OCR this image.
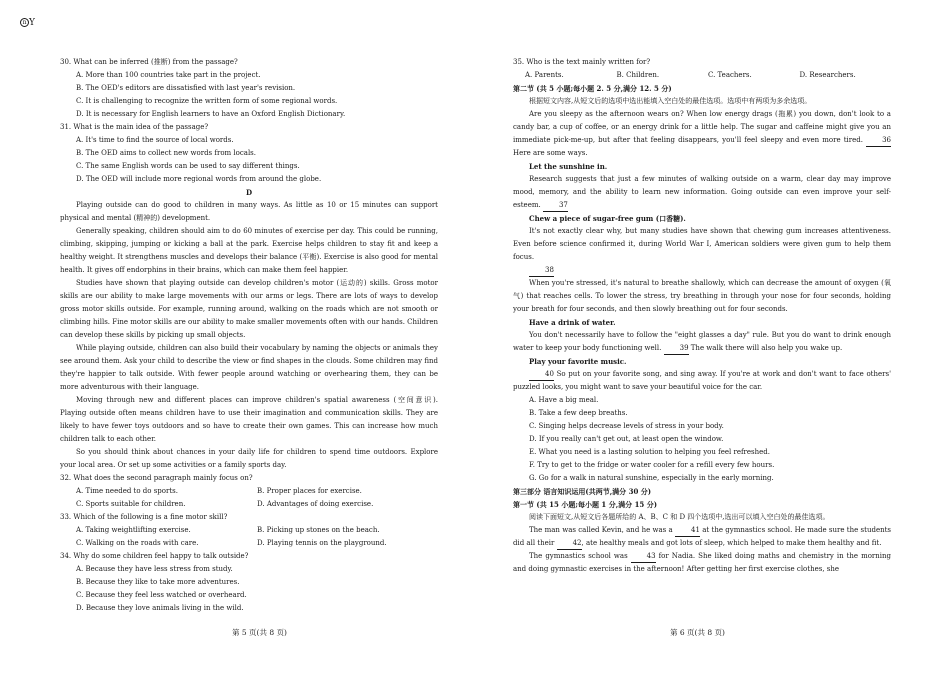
n Y
30. What can be inferred (推断) from the passage?
A. More than 100 countries take part in the project.
B. The OED's editors are dissatisfied with last year's revision.
C. It is challenging to recognize the written form of some regional words.
D. It is necessary for English learners to have an Oxford English Dictionary.
31. What is the main idea of the passage?
A. It's time to find the source of local words.
B. The OED aims to collect new words from locals.
C. The same English words can be used to say different things.
D. The OED will include more regional words from around the globe.
D
Playing outside can do good to children in many ways. As little as 10 or 15 minutes can support physical and mental (精神的) development.
Generally speaking, children should aim to do 60 minutes of exercise per day. This could be running, climbing, skipping, jumping or kicking a ball at the park. Exercise helps children to stay fit and keep a healthy weight. It strengthens muscles and develops their balance (平衡). Exercise is also good for mental health. It gives off endorphins in their brains, which can make them feel happier.
Studies have shown that playing outside can develop children's motor (运动的) skills. Gross motor skills are our ability to make large movements with our arms or legs. There are lots of ways to develop gross motor skills outside. For example, running around, walking on the roads which are not smooth or climbing hills. Fine motor skills are our ability to make smaller movements often with our hands. Children can develop these skills by picking up small objects.
While playing outside, children can also build their vocabulary by naming the objects or animals they see around them. Ask your child to describe the view or find shapes in the clouds. Some children may find they're happier to talk outside. With fewer people around watching or overhearing them, they can be more adventurous with their language.
Moving through new and different places can improve children's spatial awareness (空间意识). Playing outside often means children have to use their imagination and communication skills. They are likely to have fewer toys outdoors and so have to create their own games. This can increase how much children talk to each other.
So you should think about chances in your daily life for children to spend time outdoors. Explore your local area. Or set up some activities or a family sports day.
32. What does the second paragraph mainly focus on?
A. Time needed to do sports.	B. Proper places for exercise.
C. Sports suitable for children.	D. Advantages of doing exercise.
33. Which of the following is a fine motor skill?
A. Taking weightlifting exercise.	B. Picking up stones on the beach.
C. Walking on the roads with care.	D. Playing tennis on the playground.
34. Why do some children feel happy to talk outside?
A. Because they have less stress from study.
B. Because they like to take more adventures.
C. Because they feel less watched or overheard.
D. Because they love animals living in the wild.
35. Who is the text mainly written for?
A. Parents.	B. Children.	C. Teachers.	D. Researchers.
第二节 (共 5 小题;每小题 2. 5 分,满分 12. 5 分)
根据短文内容,从短文后的选项中选出能填入空白处的最佳选项。选项中有两项为多余选项。
Are you sleepy as the afternoon wears on? When low energy drags (拖累) you down, don't look to a candy bar, a cup of coffee, or an energy drink for a little help. The sugar and caffeine might give you an immediate pick-me-up, but after that feeling disappears, you'll feel sleepy and even more tired.	36 Here are some ways.
Let the sunshine in.
Research suggests that just a few minutes of walking outside on a warm, clear day may improve mood, memory, and the ability to learn new information. Going outside can even improve your self-esteem.	37
Chew a piece of sugar-free gum (口香糖).
It's not exactly clear why, but many studies have shown that chewing gum increases attentiveness. Even before science confirmed it, during World War I, American soldiers were given gum to help them focus.
38
When you're stressed, it's natural to breathe shallowly, which can decrease the amount of oxygen (氧气) that reaches cells. To lower the stress, try breathing in through your nose for four seconds, holding your breath for four seconds, and then slowly breathing out for four seconds.
Have a drink of water.
You don't necessarily have to follow the "eight glasses a day" rule. But you do want to drink enough water to keep your body functioning well.	39 The walk there will also help you wake up.
Play your favorite music.
40 So put on your favorite song, and sing away. If you're at work and don't want to face others' puzzled looks, you might want to save your beautiful voice for the car.
A. Have a big meal.
B. Take a few deep breaths.
C. Singing helps decrease levels of stress in your body.
D. If you really can't get out, at least open the window.
E. What you need is a lasting solution to helping you feel refreshed.
F. Try to get to the fridge or water cooler for a refill every few hours.
G. Go for a walk in natural sunshine, especially in the early morning.
第三部分 语言知识运用(共两节,满分 30 分)
第一节 (共 15 小题;每小题 1 分,满分 15 分)
阅读下面短文,从短文后各题所给的 A、B、C 和 D 四个选项中,选出可以填入空白处的最佳选项。
The man was called Kevin, and he was a	41 at the gymnastics school. He made sure the students did all their	42, ate healthy meals and got lots of sleep, which helped to make them healthy and fit.
The gymnastics school was	43 for Nadia. She liked doing maths and chemistry in the morning and doing gymnastic exercises in the afternoon! After getting her first exercise clothes, she
第 5 页(共 8 页)	第 6 页(共 8 页)
